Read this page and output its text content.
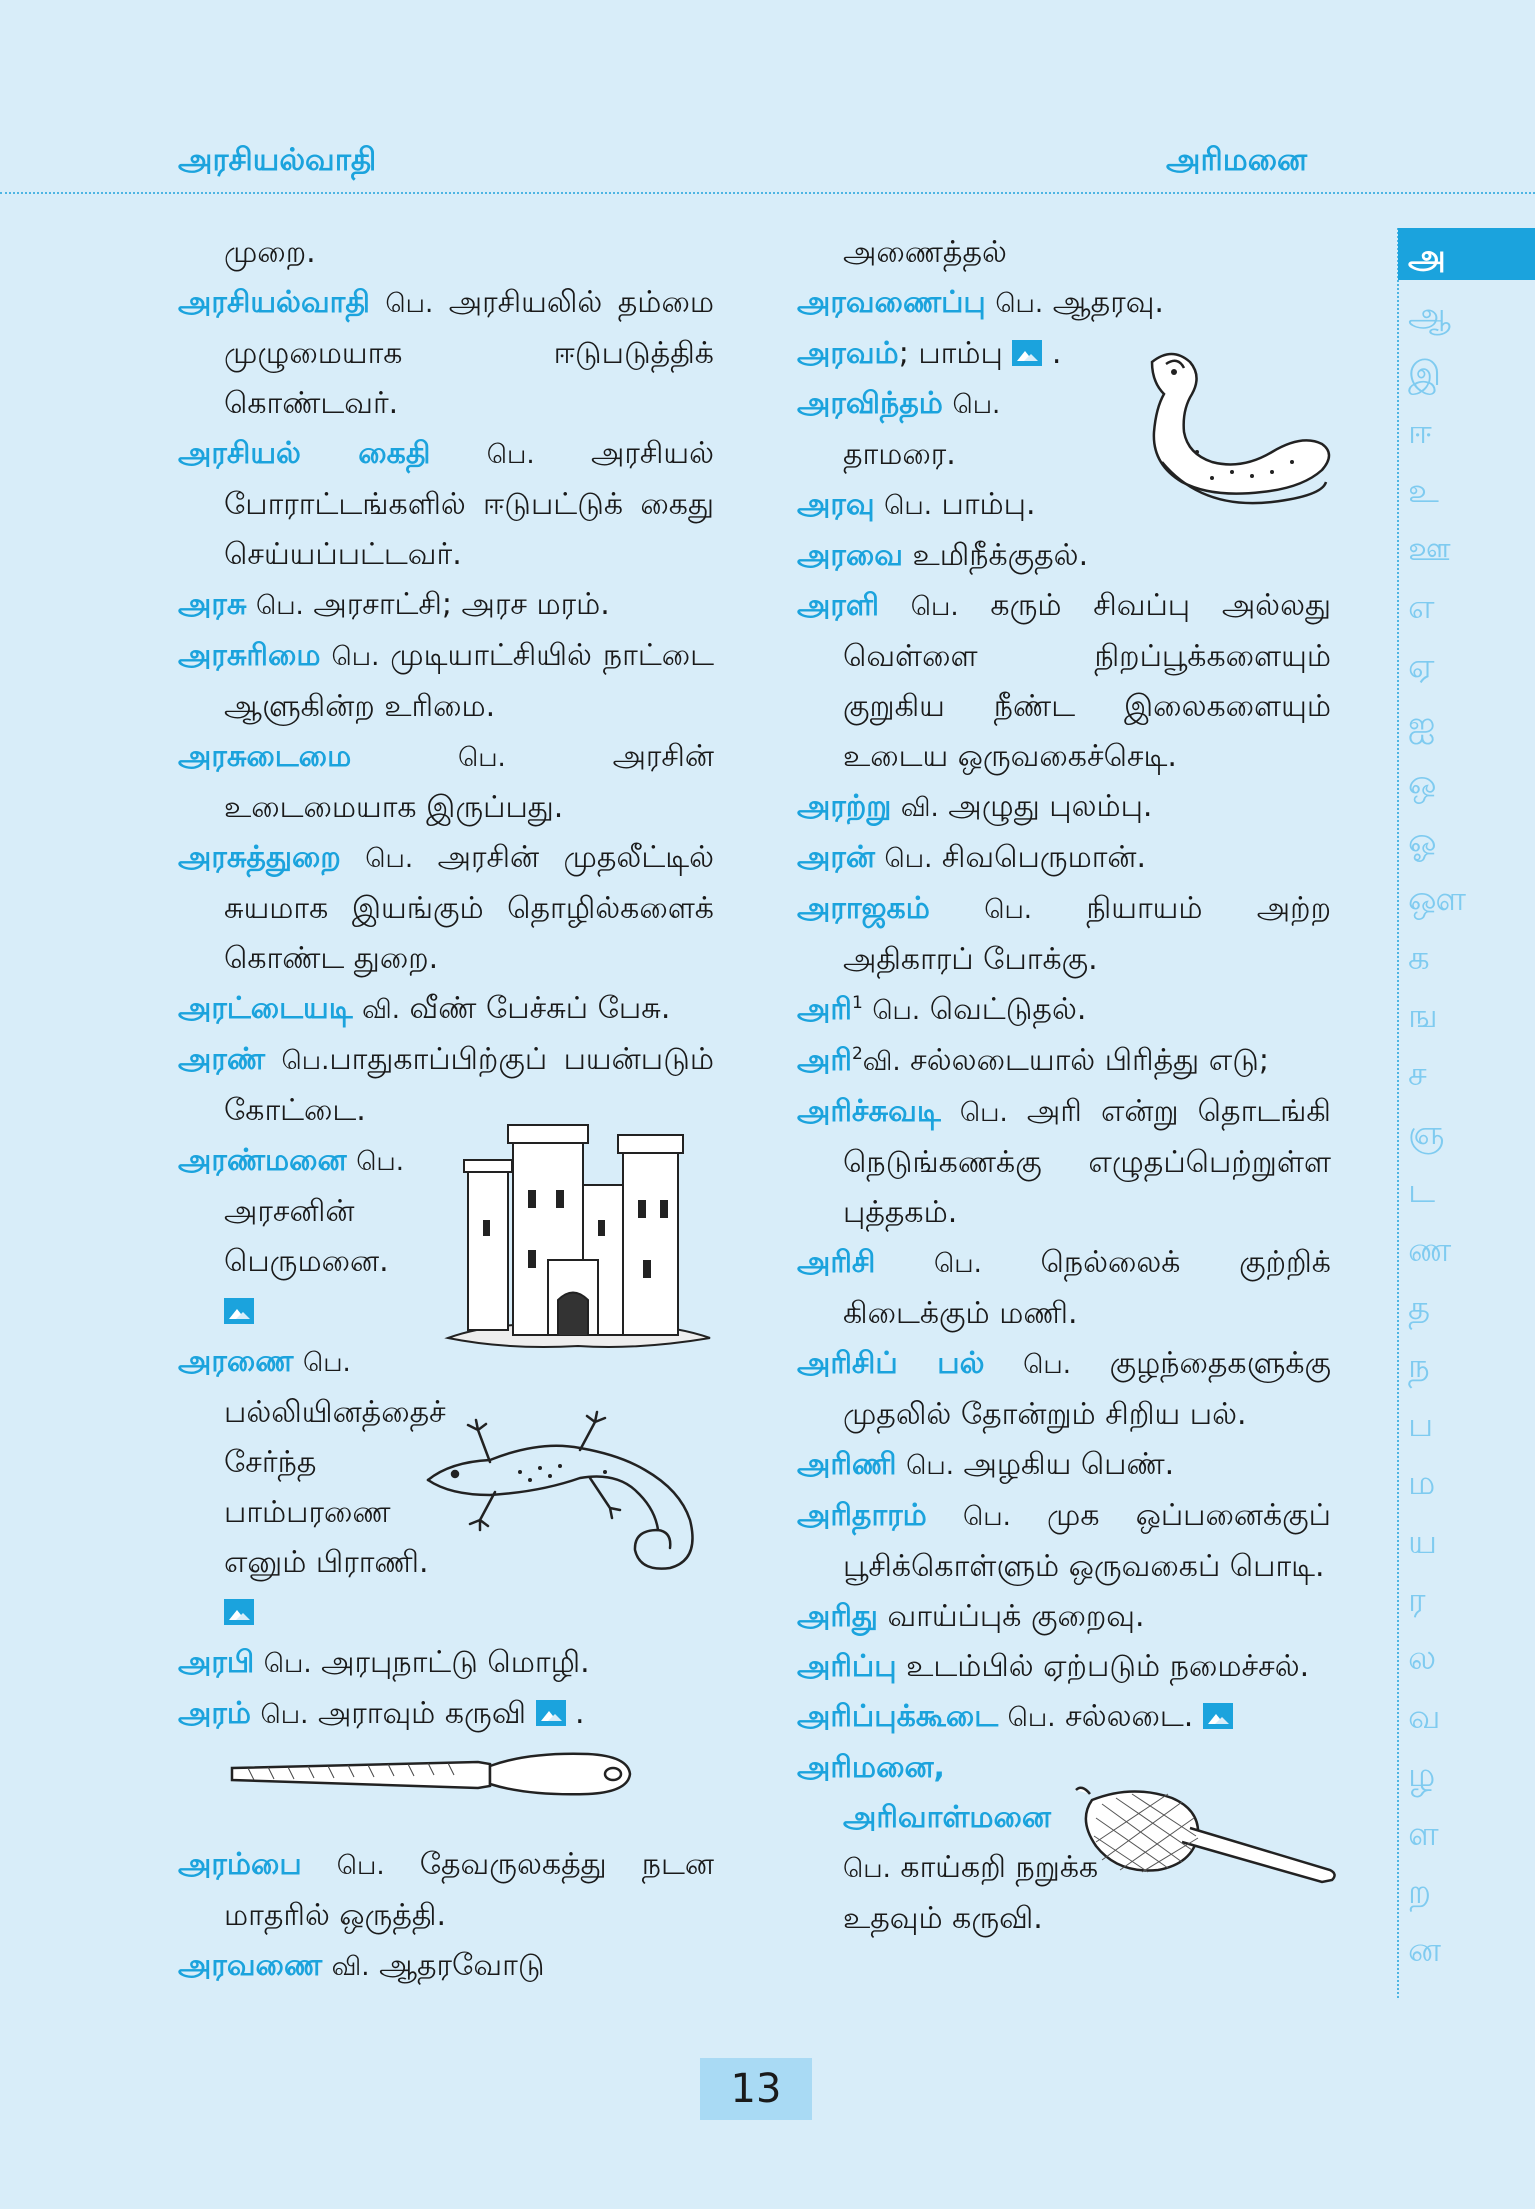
அரசியல்வாதி	அரிமனை

முறை.

அரசியல்வாதி பெ. அரசியலில் தம்மை முழுமையாக ஈடுபடுத்திக் கொண்டவர்.

அரசியல் கைதி பெ. அரசியல் போராட்டங்களில் ஈடுபட்டுக் கைது செய்யப்பட்டவர்.

அரசு பெ. அரசாட்சி; அரச மரம்.

அரசுரிமை பெ. முடியாட்சியில் நாட்டை ஆளுகின்ற உரிமை.

அரசுடைமை	பெ.	அரசின் உடைமையாக இருப்பது.

அரசுத்துறை பெ. அரசின் முதலீட்டில் சுயமாக இயங்கும் தொழில்களைக் கொண்ட துறை.

அரட்டையடி வி. வீண் பேச்சுப் பேசு.

அரண் பெ.பாதுகாப்பிற்குப் பயன்படும் கோட்டை.

அரண்மனை பெ.
அரசனின்
பெருமனை.

அரணை பெ.
பல்லியினத்தைச்
சேர்ந்த
பாம்பரணை
எனும் பிராணி.

அரபி பெ. அரபுநாட்டு மொழி.

அரம் பெ. அராவும் கருவி  .

அரம்பை பெ. தேவருலகத்து நடன மாதரில் ஒருத்தி.

அரவணை வி. ஆதரவோடு

அணைத்தல்

அரவணைப்பு பெ. ஆதரவு.

அரவம்; பாம்பு  .

அரவிந்தம் பெ.
தாமரை.

அரவு பெ. பாம்பு.

அரவை உமிநீக்குதல்.

அரளி பெ. கரும் சிவப்பு அல்லது வெள்ளை நிறப்பூக்களையும் குறுகிய நீண்ட இலைகளையும் உடைய ஒருவகைச்செடி.

அரற்று வி. அழுது புலம்பு.

அரன் பெ. சிவபெருமான்.

அராஜகம் பெ. நியாயம் அற்ற அதிகாரப் போக்கு.

அரி$^1$ பெ. வெட்டுதல்.

அரி$^2$வி. சல்லடையால் பிரித்து எடு;

அரிச்சுவடி பெ. அரி என்று தொடங்கி நெடுங்கணக்கு எழுதப்பெற்றுள்ள புத்தகம்.

அரிசி பெ. நெல்லைக் குற்றிக் கிடைக்கும் மணி.

அரிசிப் பல் பெ. குழந்தைகளுக்கு முதலில் தோன்றும் சிறிய பல்.

அரிணி பெ. அழகிய பெண்.

அரிதாரம் பெ. முக ஒப்பனைக்குப் பூசிக்கொள்ளும் ஒருவகைப் பொடி.

அரிது வாய்ப்புக் குறைவு.

அரிப்பு உடம்பில் ஏற்படும் நமைச்சல்.

அரிப்புக்கூடை பெ. சல்லடை.

அரிமனை,
அரிவாள்மனை
பெ. காய்கறி நறுக்க
உதவும் கருவி.

அ
ஆ
இ
ஈ
உ
ஊ
எ
ஏ
ஐ
ஒ
ஓ
ஔ
க
ங
ச
ஞ
ட
ண
த
ந
ப
ம
ய
ர
ல
வ
ழ
ள
ற
ன
13
